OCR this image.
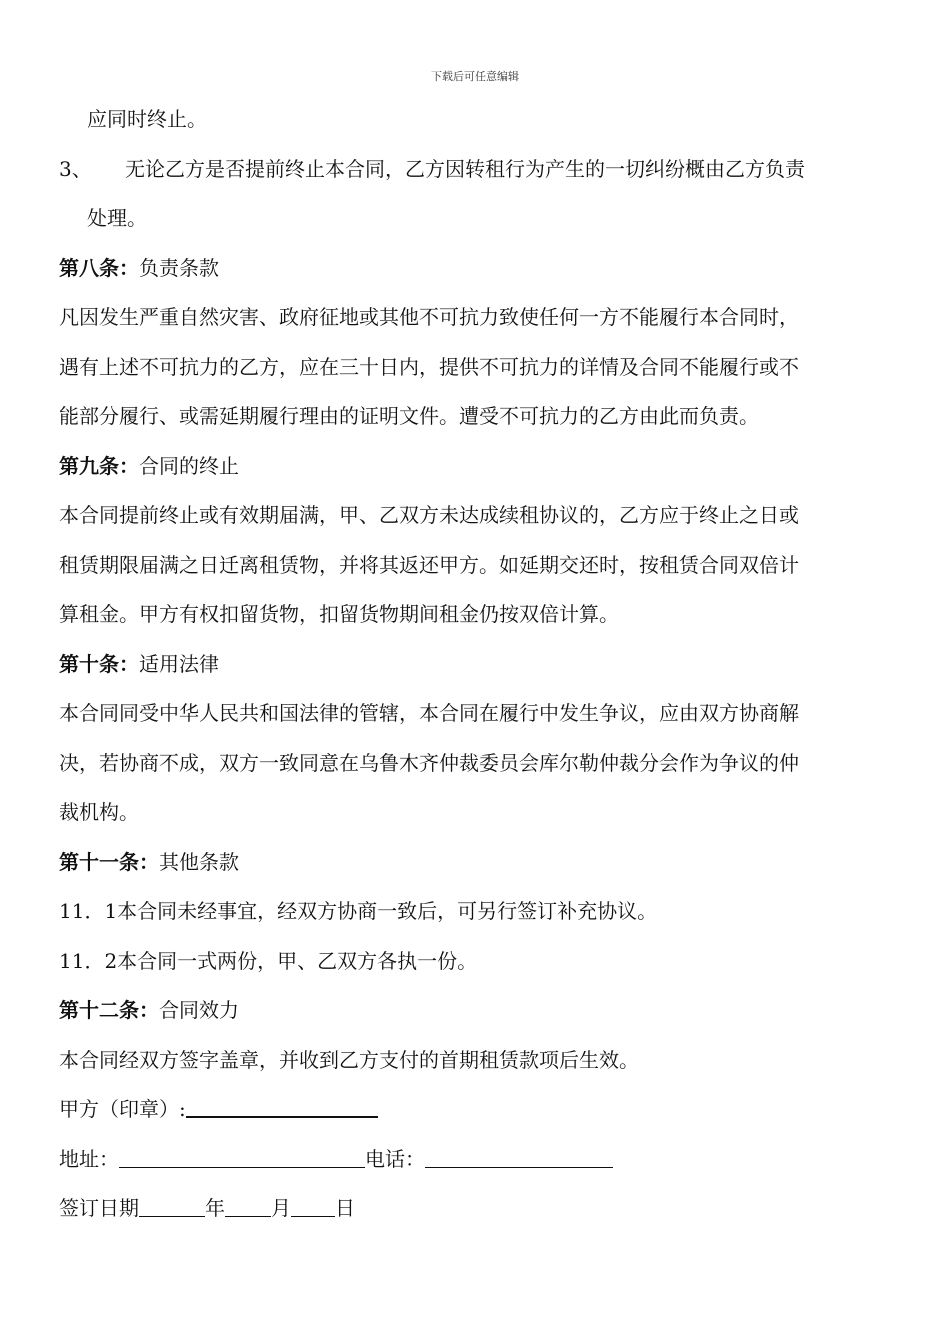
下载后可任意编辑

应同时终止。

3、 无论乙方是否提前终止本合同，乙方因转租行为产生的一切纠纷概由乙方负责

处理。

第八条：负责条款

凡因发生严重自然灾害、政府征地或其他不可抗力致使任何一方不能履行本合同时，

遇有上述不可抗力的乙方，应在三十日内，提供不可抗力的详情及合同不能履行或不

能部分履行、或需延期履行理由的证明文件。遭受不可抗力的乙方由此而负责。

第九条：合同的终止

本合同提前终止或有效期届满，甲、乙双方未达成续租协议的，乙方应于终止之日或

租赁期限届满之日迁离租赁物，并将其返还甲方。如延期交还时，按租赁合同双倍计

算租金。甲方有权扣留货物，扣留货物期间租金仍按双倍计算。

第十条：适用法律

本合同同受中华人民共和国法律的管辖，本合同在履行中发生争议，应由双方协商解

决，若协商不成，双方一致同意在乌鲁木齐仲裁委员会库尔勒仲裁分会作为争议的仲

裁机构。

第十一条：其他条款

11．1本合同未经事宜，经双方协商一致后，可另行签订补充协议。

11．2本合同一式两份，甲、乙双方各执一份。

第十二条：合同效力

本合同经双方签字盖章，并收到乙方支付的首期租赁款项后生效。

甲方（印章）:

地址：	电话：

签订日期	年 月 日
